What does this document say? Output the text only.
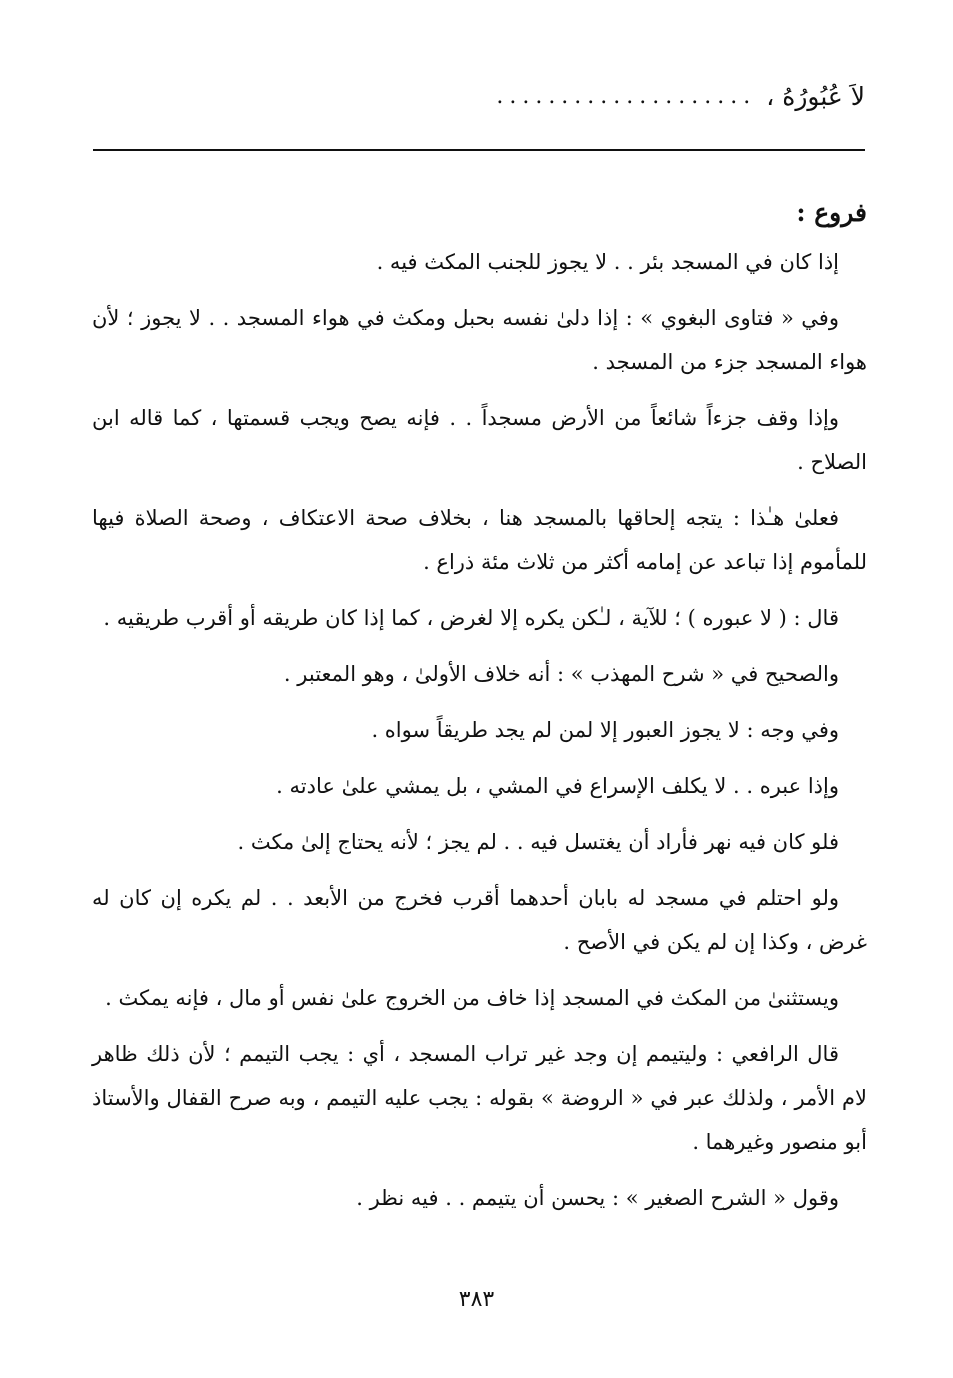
لاَ عُبُورُهُ ،
....................
فروع :

إذا كان في المسجد بئر . . لا يجوز للجنب المكث فيه .

وفي « فتاوى البغوي » : إذا دلىٰ نفسه بحبل ومكث في هواء المسجد . . لا يجوز ؛ لأن هواء المسجد جزء من المسجد .

وإذا وقف جزءاً شائعاً من الأرض مسجداً . . فإنه يصح ويجب قسمتها ، كما قاله ابن الصلاح .

فعلىٰ هـٰذا : يتجه إلحاقها بالمسجد هنا ، بخلاف صحة الاعتكاف ، وصحة الصلاة فيها للمأموم إذا تباعد عن إمامه أكثر من ثلاث مئة ذراع .

قال : ( لا عبوره ) ؛ للآية ، لـٰكن يكره إلا لغرض ، كما إذا كان طريقه أو أقرب طريقيه .

والصحيح في « شرح المهذب » : أنه خلاف الأولىٰ ، وهو المعتبر .

وفي وجه : لا يجوز العبور إلا لمن لم يجد طريقاً سواه .

وإذا عبره . . لا يكلف الإسراع في المشي ، بل يمشي علىٰ عادته .

فلو كان فيه نهر فأراد أن يغتسل فيه . . لم يجز ؛ لأنه يحتاج إلىٰ مكث .

ولو احتلم في مسجد له بابان أحدهما أقرب فخرج من الأبعد . . لم يكره إن كان له غرض ، وكذا إن لم يكن في الأصح .

ويستثنىٰ من المكث في المسجد إذا خاف من الخروج علىٰ نفس أو مال ، فإنه يمكث .

قال الرافعي : وليتيمم إن وجد غير تراب المسجد ، أي : يجب التيمم ؛ لأن ذلك ظاهر لام الأمر ، ولذلك عبر في « الروضة » بقوله : يجب عليه التيمم ، وبه صرح القفال والأستاذ أبو منصور وغيرهما .

وقول « الشرح الصغير » : يحسن أن يتيمم . . فيه نظر .

٣٨٣
